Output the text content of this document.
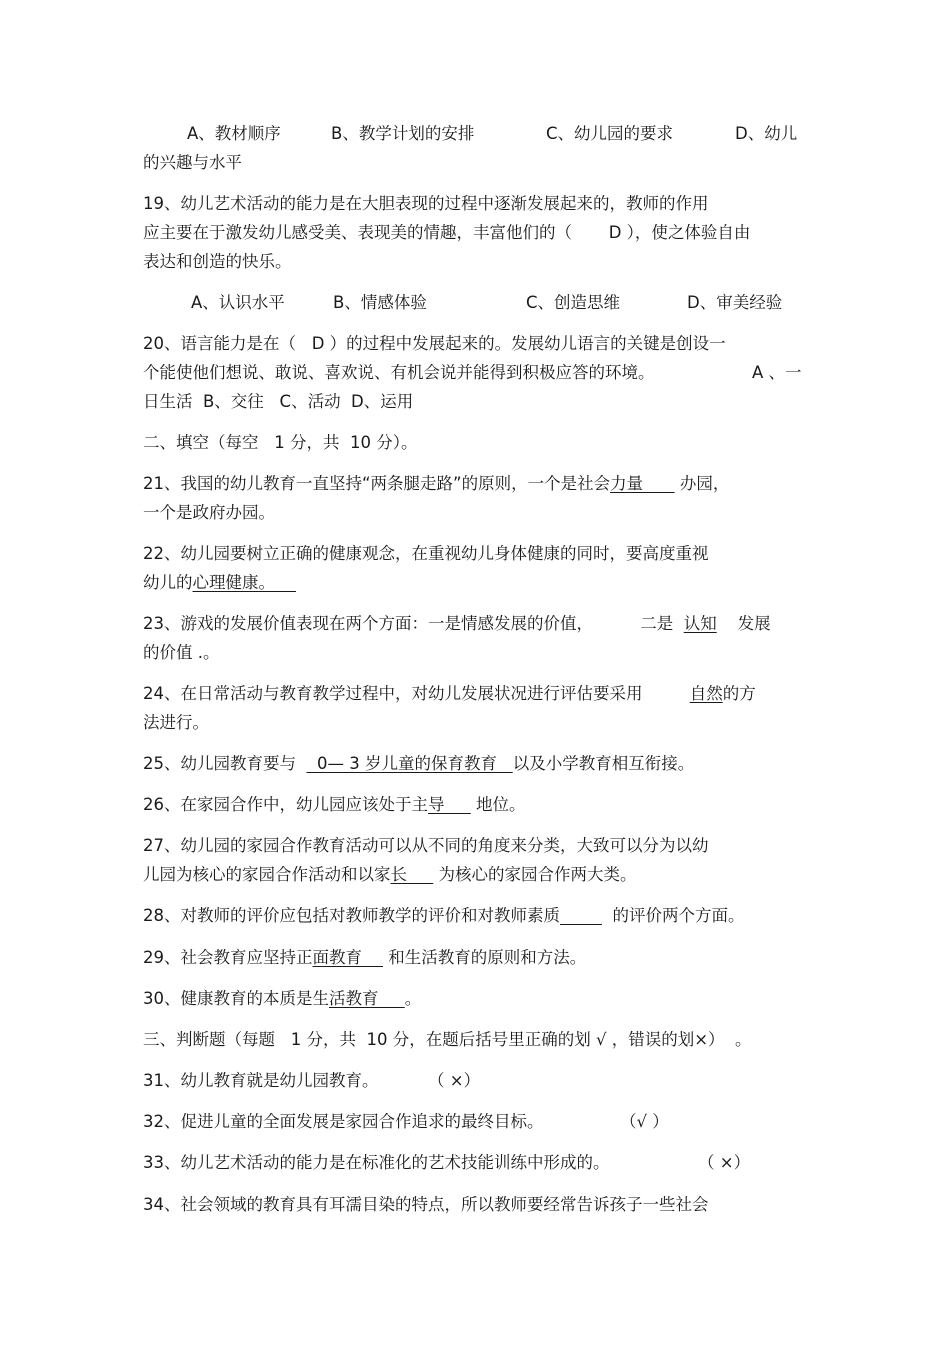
A、教材顺序	B、教学计划的安排	C、幼儿园的要求	D、幼儿
的兴趣与水平
19、幼儿艺术活动的能力是在大胆表现的过程中逐渐发展起来的，教师的作用
应主要在于激发幼儿感受美、表现美的情趣，丰富他们的（       D ），使之体验自由
表达和创造的快乐。
A、认识水平	B、情感体验	C、创造思维	D、审美经验
20、语言能力是在（   D ）的过程中发展起来的。发展幼儿语言的关键是创设一
个能使他们想说、敢说、喜欢说、有机会说并能得到积极应答的环境。	A 、一
日生活  B、交往   C、活动  D、运用
二、填空（每空   1 分，共  10 分）。
21、我国的幼儿教育一直坚持“两条腿走路”的原则，一个是社会力量       办园，
一个是政府办园。
22、幼儿园要树立正确的健康观念，在重视幼儿身体健康的同时，要高度重视
幼儿的心理健康。
23、游戏的发展价值表现在两个方面：一是情感发展的价值，         二是  认知    发展
的价值 .。
24、在日常活动与教育教学过程中，对幼儿发展状况进行评估要采用         自然的方
法进行。
25、幼儿园教育要与    0— 3 岁儿童的保育教育   以及小学教育相互衔接。
26、在家园合作中，幼儿园应该处于主导      地位。
27、幼儿园的家园合作教育活动可以从不同的角度来分类，大致可以分为以幼
儿园为核心的家园合作活动和以家长      为核心的家园合作两大类。
28、对教师的评价应包括对教师教学的评价和对教师素质	的评价两个方面。
29、社会教育应坚持正面教育     和生活教育的原则和方法。
30、健康教育的本质是生活教育     。
三、判断题（每题   1 分，共  10 分，在题后括号里正确的划 √ ，错误的划×）  。
31、幼儿教育就是幼儿园教育。	（ ×）
32、促进儿童的全面发展是家园合作追求的最终目标。	（√ ）
33、幼儿艺术活动的能力是在标准化的艺术技能训练中形成的。	（ ×）
34、社会领域的教育具有耳濡目染的特点，所以教师要经常告诉孩子一些社会
